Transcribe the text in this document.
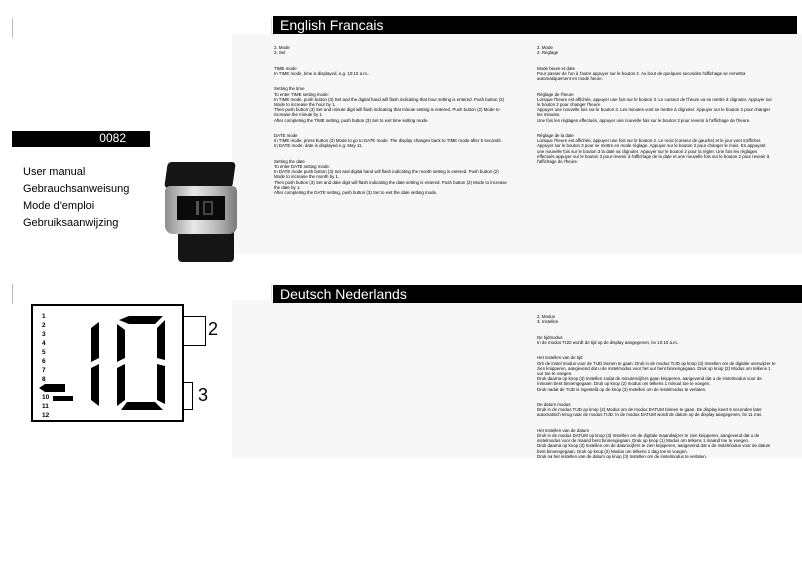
0082
User manual
Gebrauchsanweisung
Mode d'emploi
Gebruiksaanwijzing
1
2
3
4
5
6
7
8
10
11
12
2
3
English Francais

2. Mode
3. Set

TIME mode
In TIME mode, time is displayed, e.g. 10:10 a.m..

Setting the time
To enter TIME setting mode:
In TIME mode, push button (3) Set and the digital hand will flash indicating that hour setting is entered. Push button (2) Mode to increase the hour by 1.
Then push button (3) Set and minute digit will flash indicating that minute setting is entered. Push button (2) Mode to increase the minute by 1.
After completing the TIME setting, push button (3) Set to exit time setting mode.

DATE mode
In TIME mode, press button (2) Mode to go to DATE mode. The display changes back to TIME mode after 5 seconds.
In DATE mode, date is displayed e.g. May 11.

Setting the date
To enter DATE setting mode:
In DATE mode push button (3) Set and digital hand will flash indicating the month setting is entered. Push button (2) Mode to increase the month by 1.
Then push button (3) Set and date digit will flash indicating the date setting is entered. Push button (2) Mode to increase the date by 1.
After completing the DATE setting, push button (3) Set to exit the date setting mode.

2. Mode
3. Réglage

Mode heure et date
Pour passer de l'un à l'autre appuyer sur le bouton 2. Au bout de quelques secondes l'affichage se remettra automatiquement en mode heure.

Réglage de l'heure
Lorsque l'heure est affichée, appuyer une fois sur le bouton 3. Le curseur de l'heure va se mettre à clignoter. Appuyer sur le bouton 2 pour changer l'heure.
Appuyer une nouvelle fois sur le bouton 3. Les minutes vont se mettre à clignoter. Appuyer sur le bouton 2 pour changer les minutes.
Une fois les réglages effectués, appuyer une nouvelle fois sur le bouton 3 pour revenir à l'affichage de l'heure.

Réglage de la date
Lorsque l'heure est affichée, appuyer une fois sur le bouton 2. Le mois (curseur de gauche) et le jour vont s'afficher. Appuyer sur le bouton 3 pour se mettre en mode réglage. Appuyer sur le bouton 2 pour changer le mois. En appuyant une nouvelle fois sur le bouton 3 la date va clignoter. Appuyer sur le bouton 2 pour la régler. Une fois les réglages effectués appuyer sur le bouton 3 pour revenir à l'affichage de la date et une nouvelle fois sur le bouton 2 pour revenir à l'affichage de l'heure.

Deutsch Nederlands

2. Modus
3. Instellen

De tijdmodus
In de modus TIJD wordt de tijd op de display aangegeven, bv 10:10 a.m..

Het instellen van de tijd
Om de instel modus voor de TIJD binnen te gaan: Druk in de modus TIJD op knop (3) Instellen om de digitale urenwijzer te zien knipperen, aangevend dat u de instelmodus voor het uur bent binnengegaan. Druk op knop (2) Modus om telkens 1 uur toe te voegen.
Druk daarna op knop (3) Instellen zodat de minutencijfers gaan knipperen, aangevend dat u de instelmodus voor de minuten bent binnengegaan. Druk op knop (2) modus om telkens 1 minuut toe te voegen.
Druk nadat de TIJD is ingesteld op de knop (3) Instellen om de instelmodus te verlaten.

De datum modus
Druk in de modus TIJD op knop (2) Modus om de modus DATUM binnen te gaan. De display keert 5 seconden later automatisch terug naar de modus TIJD. In de modus DATUM wordt de datum op de display aangegeven, bv 11 mei.

Het instellen van de datum
Druk in de modus DATUM op knop (3) Instellen om de digitale maandwijzer te zien knipperen, aangevend dat u de instelmodus voor de maand bent binnengegaan. Druk op knop (1) Modus om telkens 1 maand toe te voegen.
Druk daarna op knop (3) Instellen om de datumcijfers te zien knipperen, aangevend dat u de instelmodus voor de datum bent binnengegaan. Druk op knop (2) Modus om telkens 1 dag toe te voegen.
Druk na het instellen van de datum op knop (3) Instellen om de instelmodus te verlaten.
